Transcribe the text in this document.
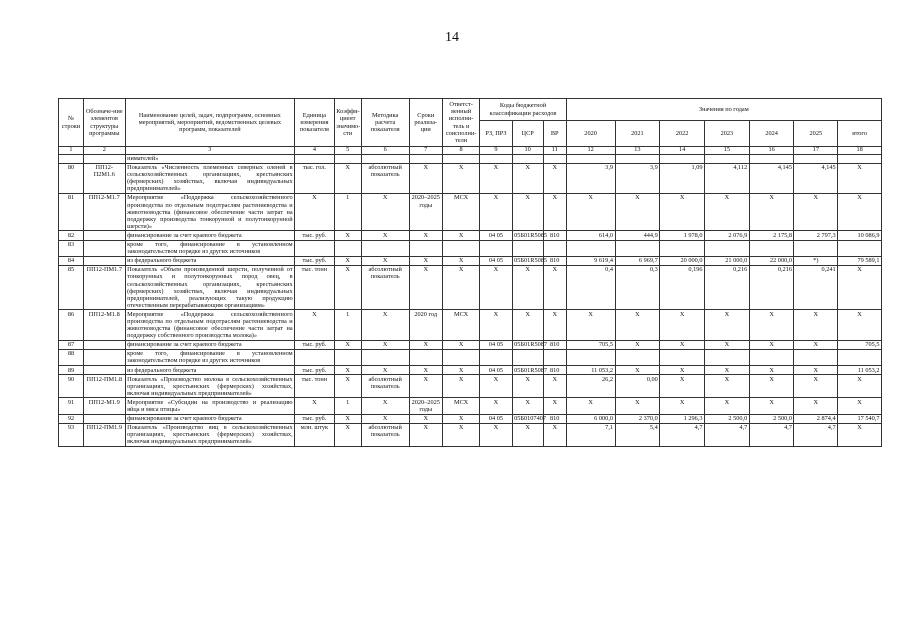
14
№ строки	Обозначе-ние элементов структуры программы	Наименование целей, задач, подпрограмм, основных мероприятий, мероприятий, ведомственных целевых программ, показателей	Единица измерения показателя	Коэффи-циент значимо-сти	Методика расчета показателя	Сроки реализа-ции	Ответст-венный исполни-тель и соисполни-тели	Коды бюджетной классификации расходов			Значения по годам						
								РЗ, ПРЗ	ЦСР	ВР	2020	2021	2022	2023	2024	2025	итого
1	2	3	4	5	6	7	8	9	10	11	12	13	14	15	16	17	18
		нимателей»															
80	ПП12-П2М1.6	Показатель «Численность племенных северных оленей в сельскохозяйственных организациях, крестьянских (фермерских) хозяйствах, включая индивидуальных предпринимателей»	тыс. гол.	Х	абсолютный показатель	Х	Х	Х	Х	Х	3,9	3,9	1,09	4,112	4,145	4,145	Х
81	ПП12-М1.7	Мероприятие «Поддержка сельскохозяйственного производства по отдельным подотраслям растениеводства и животноводства (финансовое обеспечение части затрат на поддержку производства тонкорунной и полутонкорунной шерсти)»	Х	1	Х	2020–2025 годы	МСХ	Х	Х	Х	Х	Х	Х	Х	Х	Х	Х
82		финансирование за счет краевого бюджета	тыс. руб.	Х	Х	Х	Х	04 05	05Б01R5085	810	614,0	444,9	1 978,0	2 076,9	2 175,8	2 797,3	10 086,9
83		кроме того, финансирование в установленном законодательством порядке из других источников															
84		из федерального бюджета	тыс. руб.	Х	Х	Х	Х	04 05	05Б01R5085	810	9 619,4	6 969,7	20 000,0	21 000,0	22 000,0	*)	79 589,1
85	ПП12-ПМ1.7	Показатель «Объем произведенной шерсти, полученной от тонкорунных и полутонкорунных пород овец, в сельскохозяйственных организациях, крестьянских (фермерских) хозяйствах, включая индивидуальных предпринимателей, реализующих такую продукцию отечественным перерабатывающим организациям»	тыс. тонн	Х	абсолютный показатель	Х	Х	Х	Х	Х	0,4	0,3	0,196	0,216	0,216	0,241	Х
86	ПП12-М1.8	Мероприятие «Поддержка сельскохозяйственного производства по отдельным подотраслям растениеводства и животноводства (финансовое обеспечение части затрат на поддержку собственного производства молока)»	Х	1	Х	2020 год	МСХ	Х	Х	Х	Х	Х	Х	Х	Х	Х	Х
87		финансирование за счет краевого бюджета	тыс. руб.	Х	Х	Х	Х	04 05	05Б01R5087	810	705,5	Х	Х	Х	Х	Х	705,5
88		кроме того, финансирование в установленном законодательством порядке из других источников															
89		из федерального бюджета	тыс. руб.	Х	Х	Х	Х	04 05	05Б01R5087	810	11 053,2	Х	Х	Х	Х	Х	11 053,2
90	ПП12-ПМ1.8	Показатель «Производство молока в сельскохозяйственных организациях, крестьянских (фермерских) хозяйствах, включая индивидуальных предпринимателей»	тыс. тонн	Х	абсолютный показатель	Х	Х	Х	Х	Х	26,2	0,00	Х	Х	Х	Х	Х
91	ПП12-М1.9	Мероприятие «Субсидии на производство и реализацию яйца и мяса птицы»	Х	1	Х	2020–2025 годы	МСХ	Х	Х	Х	Х	Х	Х	Х	Х	Х	Х
92		финансирование за счет краевого бюджета	тыс. руб.	Х	Х	Х	Х	04 05	05Б0107407	810	6 000,0	2 370,0	1 296,3	2 500,0	2 500,0	2 874,4	17 540,7
93	ПП12-ПМ1.9	Показатель «Производство яиц в сельскохозяйственных организациях, крестьянских (фермерских) хозяйствах, включая индивидуальных предпринимателей»	млн. штук	Х	абсолютный показатель	Х	Х	Х	Х	Х	7,1	5,4	4,7	4,7	4,7	4,7	Х
